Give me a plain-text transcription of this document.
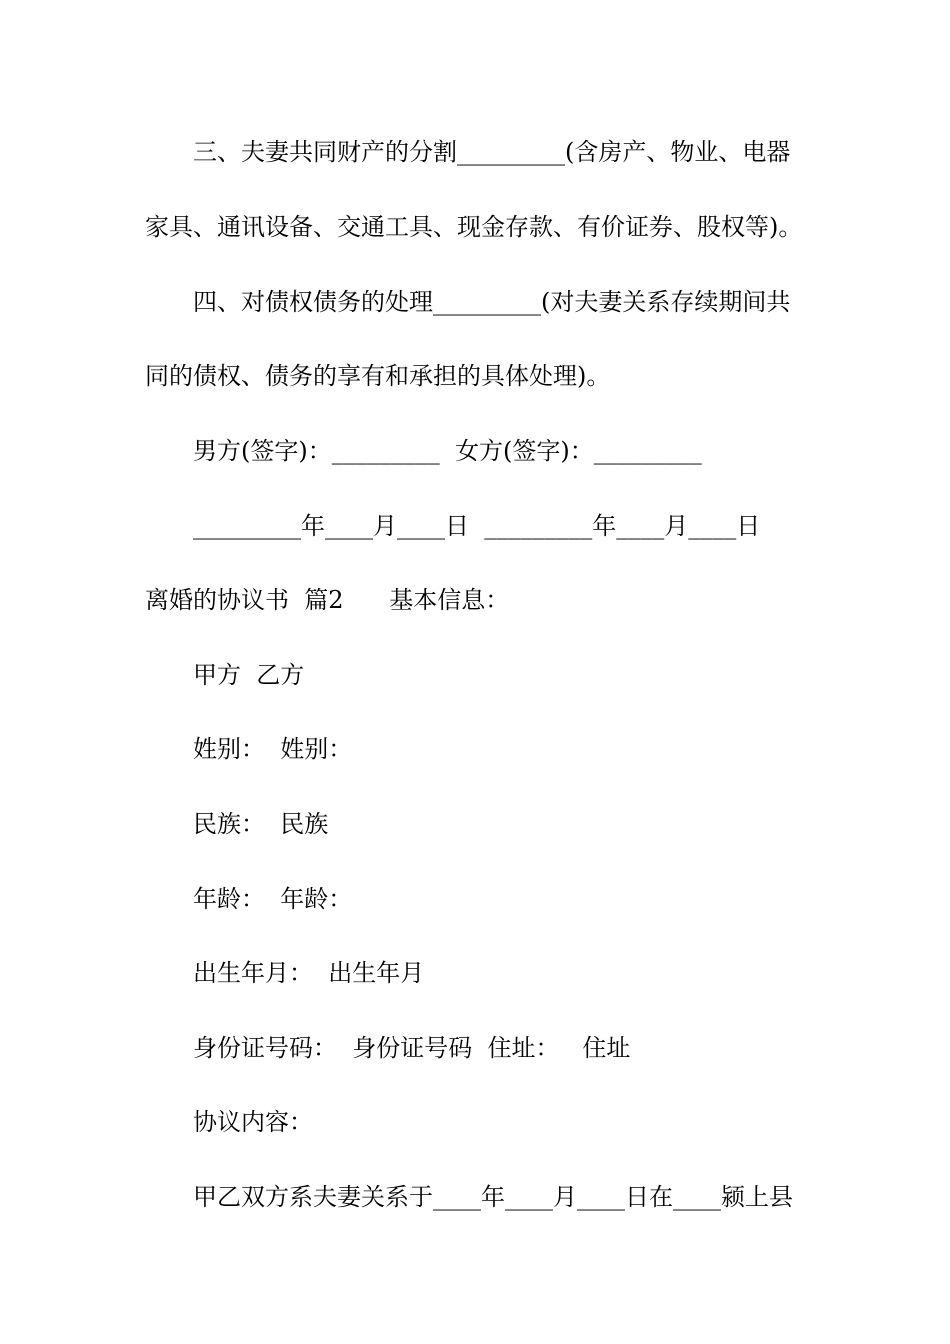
三、夫妻共同财产的分割_________(含房产、物业、电器
家具、通讯设备、交通工具、现金存款、有价证券、股权等)。
四、对债权债务的处理_________(对夫妻关系存续期间共
同的债权、债务的享有和承担的具体处理)。
男方(签字)：_________  女方(签字)：_________
_________年____月____日  _________年____月____日
离婚的协议书  篇2      基本信息：
甲方  乙方
姓别：  姓别：
民族：  民族
年龄：  年龄：
出生年月：  出生年月
身份证号码：  身份证号码  住址：   住址
协议内容：
甲乙双方系夫妻关系于____年____月____日在____颍上县
